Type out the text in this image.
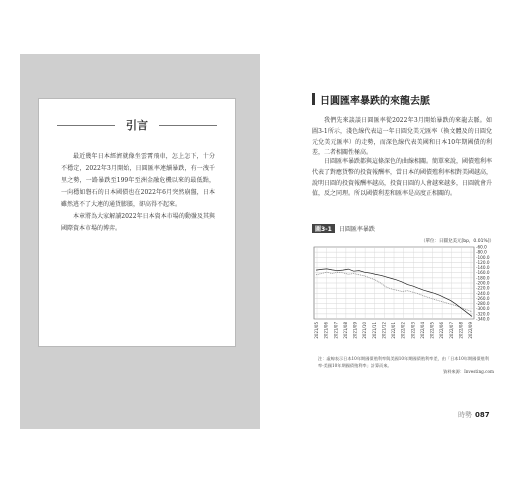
引言

最近幾年日本經濟就像坐雲霄飛車，怎上怎下，十分不穩定，2022年3月開始，日圓匯率連續暴跌，有一洩千里之勢，一路暴跌至199年至洲金融危機以來的最低點，一向穩如磐石的日本國債也在2022年6月突然崩盤，日本雖然逃不了大連的通貨膨脹，卻高得不起來。

本章將為大家解讀2022年日本資本市場的動盪及其與國際資本市場的博弈。

日圓匯率暴跌的來龍去脈

我們先來談談日圓匯率從2022年3月開始暴跌的來龍去脈。如圖3-1所示，淺色線代表這一年日圓兌美元匯率（換文體及的日圓兌元兌美元匯率）的走勢，而深色線代表美國和日本10年期國債的利差，二者相關性極高。

日圓匯率暴跌都與這條深色的曲線相關。簡單來說，國債殖利率代表了對應貨幣的投資報酬率，當日本的國債殖利率相對美國越高，說明日圓的投資報酬率越高，投資日圓的人會越來越多，日圓就會升值，反之同理。所以國債利差和匯率是高度正相關的。

圖3-1 日圓匯率暴跌
（單位：日圓兌美元[bp，0.01%]）
-60.0
-80.0
-100.0
-120.0
-140.0
-160.0
-180.0
-200.0
-220.0
-240.0
-260.0
-280.0
-300.0
-320.0
-340.0
2021/05 2021/06 2021/07 2021/08 2021/09 2021/10 2021/11 2021/12 2022/01 2022/02 2022/03 2022/04 2022/05 2022/06 2022/07 2022/08 2022/09
注：虛線表示日本10年期國債殖利率與美國10年期國債殖利率差，由「日本10年期國債殖利率-美國10年期國債殖利率」計算而來。
資料來源：Investing.com
時勢 087
